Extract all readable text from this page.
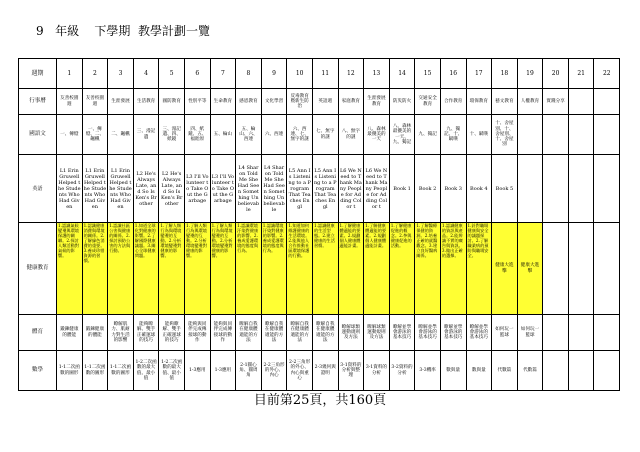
9 年級 下學期 教學計劃一覽
週期	1	2	3	4	5	6	7	8	9	10	11	12	13	14	15	16	17	18	19	20	21	22
行事曆	友善校園週	友善校園週	生涯發展	生活教育	國防教育	性別平等	生命教育	感恩教育	文化學習	反毒教育暨新生防治	英語週	家庭教育	生涯發展教育	防災防火	交通安全教育	合作教育	環保教育	藝文教育	人權教育	實踐分享		
國語文	一、傳燈	一、傳燈、二、飆楓	二、飆楓	三、漫記遺	三、漫記遺、四、紙鏡	四、紙鏡、五、福貽原	五、輪山	五、輪山、六、西連	六、西連	六、西連、七、無字的謎	七、無字的謎	八、無字的謎	八、森林最優美的一天	八、森林最優美的一天、九、獨記	九、獨記	九、獨記、十、賦嘆	十、賦嘆	十、舍屋別、十、舍屋別、十、舍屋別				
英語	L1 Erin Gruwell Helped the Students Who Had Given	L1 Erin Gruwell Helped the Students Who Had Given	L1 Erin Gruwell Helped the Students Who Had Given	L2 He's Always Late, and So Is Ken's Brother	L2 He's Always Late, and So Is Ken's Brother	L3 I'll Volunteer to Take Out the Garbage	L3 I'll Volunteer to Take Out the Garbage	L4 Sharon Told Me She Had Seen Something Unbelievable	L4 Sharon Told Me She Had Seen Something Unbelievable	L5 Ann Is Listening to a Program That Teaches Engl	L5 Ann Is Listening to a Program That Teaches Engl	L6 We Need to Thank Many People for Adding Color t	L6 We Need to Thank Many People for Adding Color t	Book 1	Book 2	Book 3	Book 4	Book 5				
健康教育	1.認識氣候變遷與環境保護的關聯。2.探討人類活動對氣候的影響。	1.認識健康消費與環境的關係。2.了解綠色消費的重要。3.養成珍惜資源的習慣。	1.認識社區公害與健康的關係。2.探討預防公害的方法與行動。	1.知道全球化對健康的影響。2.了解國際健康議題。3.關心全球健康問題。	1.了解人類行為與環境變遷的互動。2.分析環境變遷對健康的影響。	1.了解人類行為與環境變遷的互動。2.分析環境變遷對健康的影響。	1.了解人類行為與環境變遷的互動。2.分析環境變遷對健康的影響。	1.認識環境汙染對健康的影響。2.養成愛護環境的態度與行為。	1.認識環境汙染對健康的影響。2.養成愛護環境的態度與行為。	1.知道如何維護健康的生活環境。2.能與他人合作推動社區環境保護的行動。	1.認識健康的生活型態。2.建立健康的生活習慣。	1.了解健康體適能的要素。2.規劃個人健康體適能計畫。	1.了解健康體適能的要素。2.規劃個人健康體適能計畫。	1.了解健康促進的概念。2.參與健康促進的活動。	1.了解醫療保健的資源。2.培養正確的就醫觀念。3.建立良好醫病關係。	1.認識健康的資訊與產品。2.能辨識不實的廣告與資訊。3.做出正確的選擇。	1.針對職場健康與安全的議題探討。2.了解職業病的預防與職場安全。	健康大進擊	健康大進擊			
體育	鍛鍊健康的體能	鍛鍊健康的體能	瞭解肌力、肌耐力對生活的影響	能夠瞭解、雙手正確運球的技巧	能夠瞭解、雙手正確運球的技巧	能夠與同伴完成傳接球的動作	能夠與同伴完成傳接球的動作	瞭解自我在健康體適能的方法	瞭解自我在健康體適能的方法	瞭解自我在健康體適能的方法	瞭解自我在健康體適能的方法	瞭解球類運動規則及方法	瞭解球類運動規則及方法	瞭解並學會游泳的基本技巧	瞭解並學會游泳的基本技巧	瞭解並學會游泳的基本技巧	瞭解並學會游泳的基本技巧	如何玩一籃球	如何玩一籃球			
數學	1-1二次函數的圖形	1-1二次函數的圖形	1-1二次函數的圖形	1-2二次函數的最大值、最小值	1-2二次函數的最大值、最小值	1-3應用	1-3應用	2-1圓心角、圓周角	2-2三角形的外心、內心	2-2三角形的外心、內心與重心	2-3幾何與證明	3-1資料的分析與整理	3-1資料的分析	3-2資料的分析	3-3機率	數與量	數與量	代數篇	代數篇			
目前第25頁，共160頁
